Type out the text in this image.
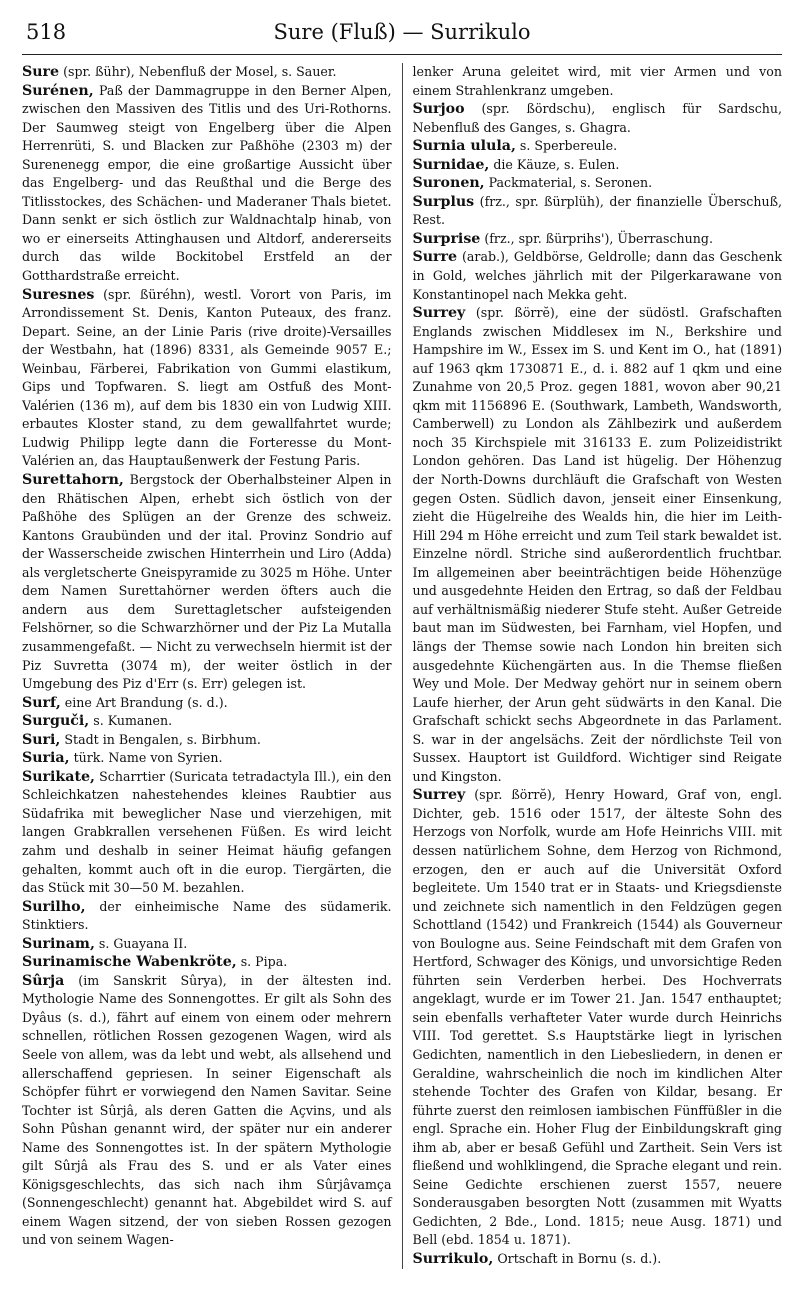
518	Sure (Fluß) — Surrikulo

Sure (spr. ßühr), Nebenfluß der Mosel, s. Sauer.

Surénen, Paß der Dammagruppe in den Berner Alpen, zwischen den Massiven des Titlis und des Uri-Rothorns. Der Saumweg steigt von Engelberg über die Alpen Herrenrüti, S. und Blacken zur Paßhöhe (2303 m) der Surenenegg empor, die eine großartige Aussicht über das Engelberg- und das Reußthal und die Berge des Titlisstockes, des Schächen- und Maderaner Thals bietet. Dann senkt er sich östlich zur Waldnachtalp hinab, von wo er einerseits Attinghausen und Altdorf, andererseits durch das wilde Bockitobel Erstfeld an der Gotthardstraße erreicht.

Suresnes (spr. ßüréhn), westl. Vorort von Paris, im Arrondissement St. Denis, Kanton Puteaux, des franz. Depart. Seine, an der Linie Paris (rive droite)-Versailles der Westbahn, hat (1896) 8331, als Gemeinde 9057 E.; Weinbau, Färberei, Fabrikation von Gummi elastikum, Gips und Topfwaren. S. liegt am Ostfuß des Mont-Valérien (136 m), auf dem bis 1830 ein von Ludwig XIII. erbautes Kloster stand, zu dem gewallfahrtet wurde; Ludwig Philipp legte dann die Forteresse du Mont-Valérien an, das Hauptaußenwerk der Festung Paris.

Surettahorn, Bergstock der Oberhalbsteiner Alpen in den Rhätischen Alpen, erhebt sich östlich von der Paßhöhe des Splügen an der Grenze des schweiz. Kantons Graubünden und der ital. Provinz Sondrio auf der Wasserscheide zwischen Hinterrhein und Liro (Adda) als vergletscherte Gneispyramide zu 3025 m Höhe. Unter dem Namen Surettahörner werden öfters auch die andern aus dem Surettagletscher aufsteigenden Felshörner, so die Schwarzhörner und der Piz La Mutalla zusammengefaßt. — Nicht zu verwechseln hiermit ist der Piz Suvretta (3074 m), der weiter östlich in der Umgebung des Piz d'Err (s. Err) gelegen ist.

Surf, eine Art Brandung (s. d.).

Surguči, s. Kumanen.

Suri, Stadt in Bengalen, s. Birbhum.

Suria, türk. Name von Syrien.

Surikate, Scharrtier (Suricata tetradactyla Ill.), ein den Schleichkatzen nahestehendes kleines Raubtier aus Südafrika mit beweglicher Nase und vierzehigen, mit langen Grabkrallen versehenen Füßen. Es wird leicht zahm und deshalb in seiner Heimat häufig gefangen gehalten, kommt auch oft in die europ. Tiergärten, die das Stück mit 30—50 M. bezahlen.

Surilho, der einheimische Name des südamerik. Stinktiers.

Surinam, s. Guayana II.

Surinamische Wabenkröte, s. Pipa.

Sûrja (im Sanskrit Sûrya), in der ältesten ind. Mythologie Name des Sonnengottes. Er gilt als Sohn des Dyâus (s. d.), fährt auf einem von einem oder mehrern schnellen, rötlichen Rossen gezogenen Wagen, wird als Seele von allem, was da lebt und webt, als allsehend und allerschaffend gepriesen. In seiner Eigenschaft als Schöpfer führt er vorwiegend den Namen Savitar. Seine Tochter ist Sûrjâ, als deren Gatten die Açvins, und als Sohn Pûshan genannt wird, der später nur ein anderer Name des Sonnengottes ist. In der spätern Mythologie gilt Sûrjâ als Frau des S. und er als Vater eines Königsgeschlechts, das sich nach ihm Sûrjâvamça (Sonnengeschlecht) genannt hat. Abgebildet wird S. auf einem Wagen sitzend, der von sieben Rossen gezogen und von seinem Wagen-

lenker Aruna geleitet wird, mit vier Armen und von einem Strahlenkranz umgeben.

Surjoo (spr. ßördschu), englisch für Sardschu, Nebenfluß des Ganges, s. Ghagra.

Surnia ulula, s. Sperbereule.

Surnidae, die Käuze, s. Eulen.

Suronen, Packmaterial, s. Seronen.

Surplus (frz., spr. ßürplüh), der finanzielle Überschuß, Rest.

Surprise (frz., spr. ßürprihs'), Überraschung.

Surre (arab.), Geldbörse, Geldrolle; dann das Geschenk in Gold, welches jährlich mit der Pilgerkarawane von Konstantinopel nach Mekka geht.

Surrey (spr. ßörrĕ), eine der südöstl. Grafschaften Englands zwischen Middlesex im N., Berkshire und Hampshire im W., Essex im S. und Kent im O., hat (1891) auf 1963 qkm 1730871 E., d. i. 882 auf 1 qkm und eine Zunahme von 20,5 Proz. gegen 1881, wovon aber 90,21 qkm mit 1156896 E. (Southwark, Lambeth, Wandsworth, Camberwell) zu London als Zählbezirk und außerdem noch 35 Kirchspiele mit 316133 E. zum Polizeidistrikt London gehören. Das Land ist hügelig. Der Höhenzug der North-Downs durchläuft die Grafschaft von Westen gegen Osten. Südlich davon, jenseit einer Einsenkung, zieht die Hügelreihe des Wealds hin, die hier im Leith-Hill 294 m Höhe erreicht und zum Teil stark bewaldet ist. Einzelne nördl. Striche sind außerordentlich fruchtbar. Im allgemeinen aber beeinträchtigen beide Höhenzüge und ausgedehnte Heiden den Ertrag, so daß der Feldbau auf verhältnismäßig niederer Stufe steht. Außer Getreide baut man im Südwesten, bei Farnham, viel Hopfen, und längs der Themse sowie nach London hin breiten sich ausgedehnte Küchengärten aus. In die Themse fließen Wey und Mole. Der Medway gehört nur in seinem obern Laufe hierher, der Arun geht südwärts in den Kanal. Die Grafschaft schickt sechs Abgeordnete in das Parlament. S. war in der angelsächs. Zeit der nördlichste Teil von Sussex. Hauptort ist Guildford. Wichtiger sind Reigate und Kingston.

Surrey (spr. ßörrĕ), Henry Howard, Graf von, engl. Dichter, geb. 1516 oder 1517, der älteste Sohn des Herzogs von Norfolk, wurde am Hofe Heinrichs VIII. mit dessen natürlichem Sohne, dem Herzog von Richmond, erzogen, den er auch auf die Universität Oxford begleitete. Um 1540 trat er in Staats- und Kriegsdienste und zeichnete sich namentlich in den Feldzügen gegen Schottland (1542) und Frankreich (1544) als Gouverneur von Boulogne aus. Seine Feindschaft mit dem Grafen von Hertford, Schwager des Königs, und unvorsichtige Reden führten sein Verderben herbei. Des Hochverrats angeklagt, wurde er im Tower 21. Jan. 1547 enthauptet; sein ebenfalls verhafteter Vater wurde durch Heinrichs VIII. Tod gerettet. S.s Hauptstärke liegt in lyrischen Gedichten, namentlich in den Liebesliedern, in denen er Geraldine, wahrscheinlich die noch im kindlichen Alter stehende Tochter des Grafen von Kildar, besang. Er führte zuerst den reimlosen iambischen Fünffüßler in die engl. Sprache ein. Hoher Flug der Einbildungskraft ging ihm ab, aber er besaß Gefühl und Zartheit. Sein Vers ist fließend und wohlklingend, die Sprache elegant und rein. Seine Gedichte erschienen zuerst 1557, neuere Sonderausgaben besorgten Nott (zusammen mit Wyatts Gedichten, 2 Bde., Lond. 1815; neue Ausg. 1871) und Bell (ebd. 1854 u. 1871).

Surrikulo, Ortschaft in Bornu (s. d.).
